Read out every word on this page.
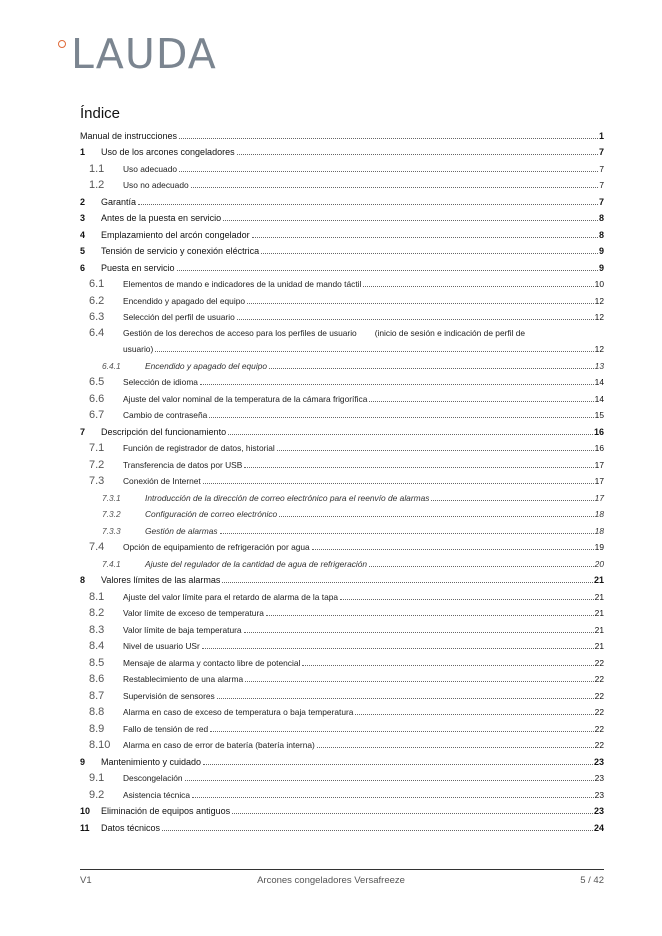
LAUDA
Índice
Manual de instrucciones	1
1	Uso de los arcones congeladores	7
1.1	Uso adecuado	7
1.2	Uso no adecuado	7
2	Garantía	7
3	Antes de la puesta en servicio	8
4	Emplazamiento del arcón congelador	8
5	Tensión de servicio y conexión eléctrica	9
6	Puesta en servicio	9
6.1	Elementos de mando e indicadores de la unidad de mando táctil	10
6.2	Encendido y apagado del equipo	12
6.3	Selección del perfil de usuario	12
6.4	Gestión de los derechos de acceso para los perfiles de usuario (inicio de sesión e indicación de perfil de
usuario)	12
6.4.1	Encendido y apagado del equipo	13
6.5	Selección de idioma	14
6.6	Ajuste del valor nominal de la temperatura de la cámara frigorífica	14
6.7	Cambio de contraseña	15
7	Descripción del funcionamiento	16
7.1	Función de registrador de datos, historial	16
7.2	Transferencia de datos por USB	17
7.3	Conexión de Internet	17
7.3.1	Introducción de la dirección de correo electrónico para el reenvío de alarmas	17
7.3.2	Configuración de correo electrónico	18
7.3.3	Gestión de alarmas	18
7.4	Opción de equipamiento de refrigeración por agua	19
7.4.1	Ajuste del regulador de la cantidad de agua de refrigeración	20
8	Valores límites de las alarmas	21
8.1	Ajuste del valor límite para el retardo de alarma de la tapa	21
8.2	Valor límite de exceso de temperatura	21
8.3	Valor límite de baja temperatura	21
8.4	Nivel de usuario USr	21
8.5	Mensaje de alarma y contacto libre de potencial	22
8.6	Restablecimiento de una alarma	22
8.7	Supervisión de sensores	22
8.8	Alarma en caso de exceso de temperatura o baja temperatura	22
8.9	Fallo de tensión de red	22
8.10	Alarma en caso de error de batería (batería interna)	22
9	Mantenimiento y cuidado	23
9.1	Descongelación	23
9.2	Asistencia técnica	23
10	Eliminación de equipos antiguos	23
11	Datos técnicos	24
V1	Arcones congeladores Versafreeze	5 / 42
